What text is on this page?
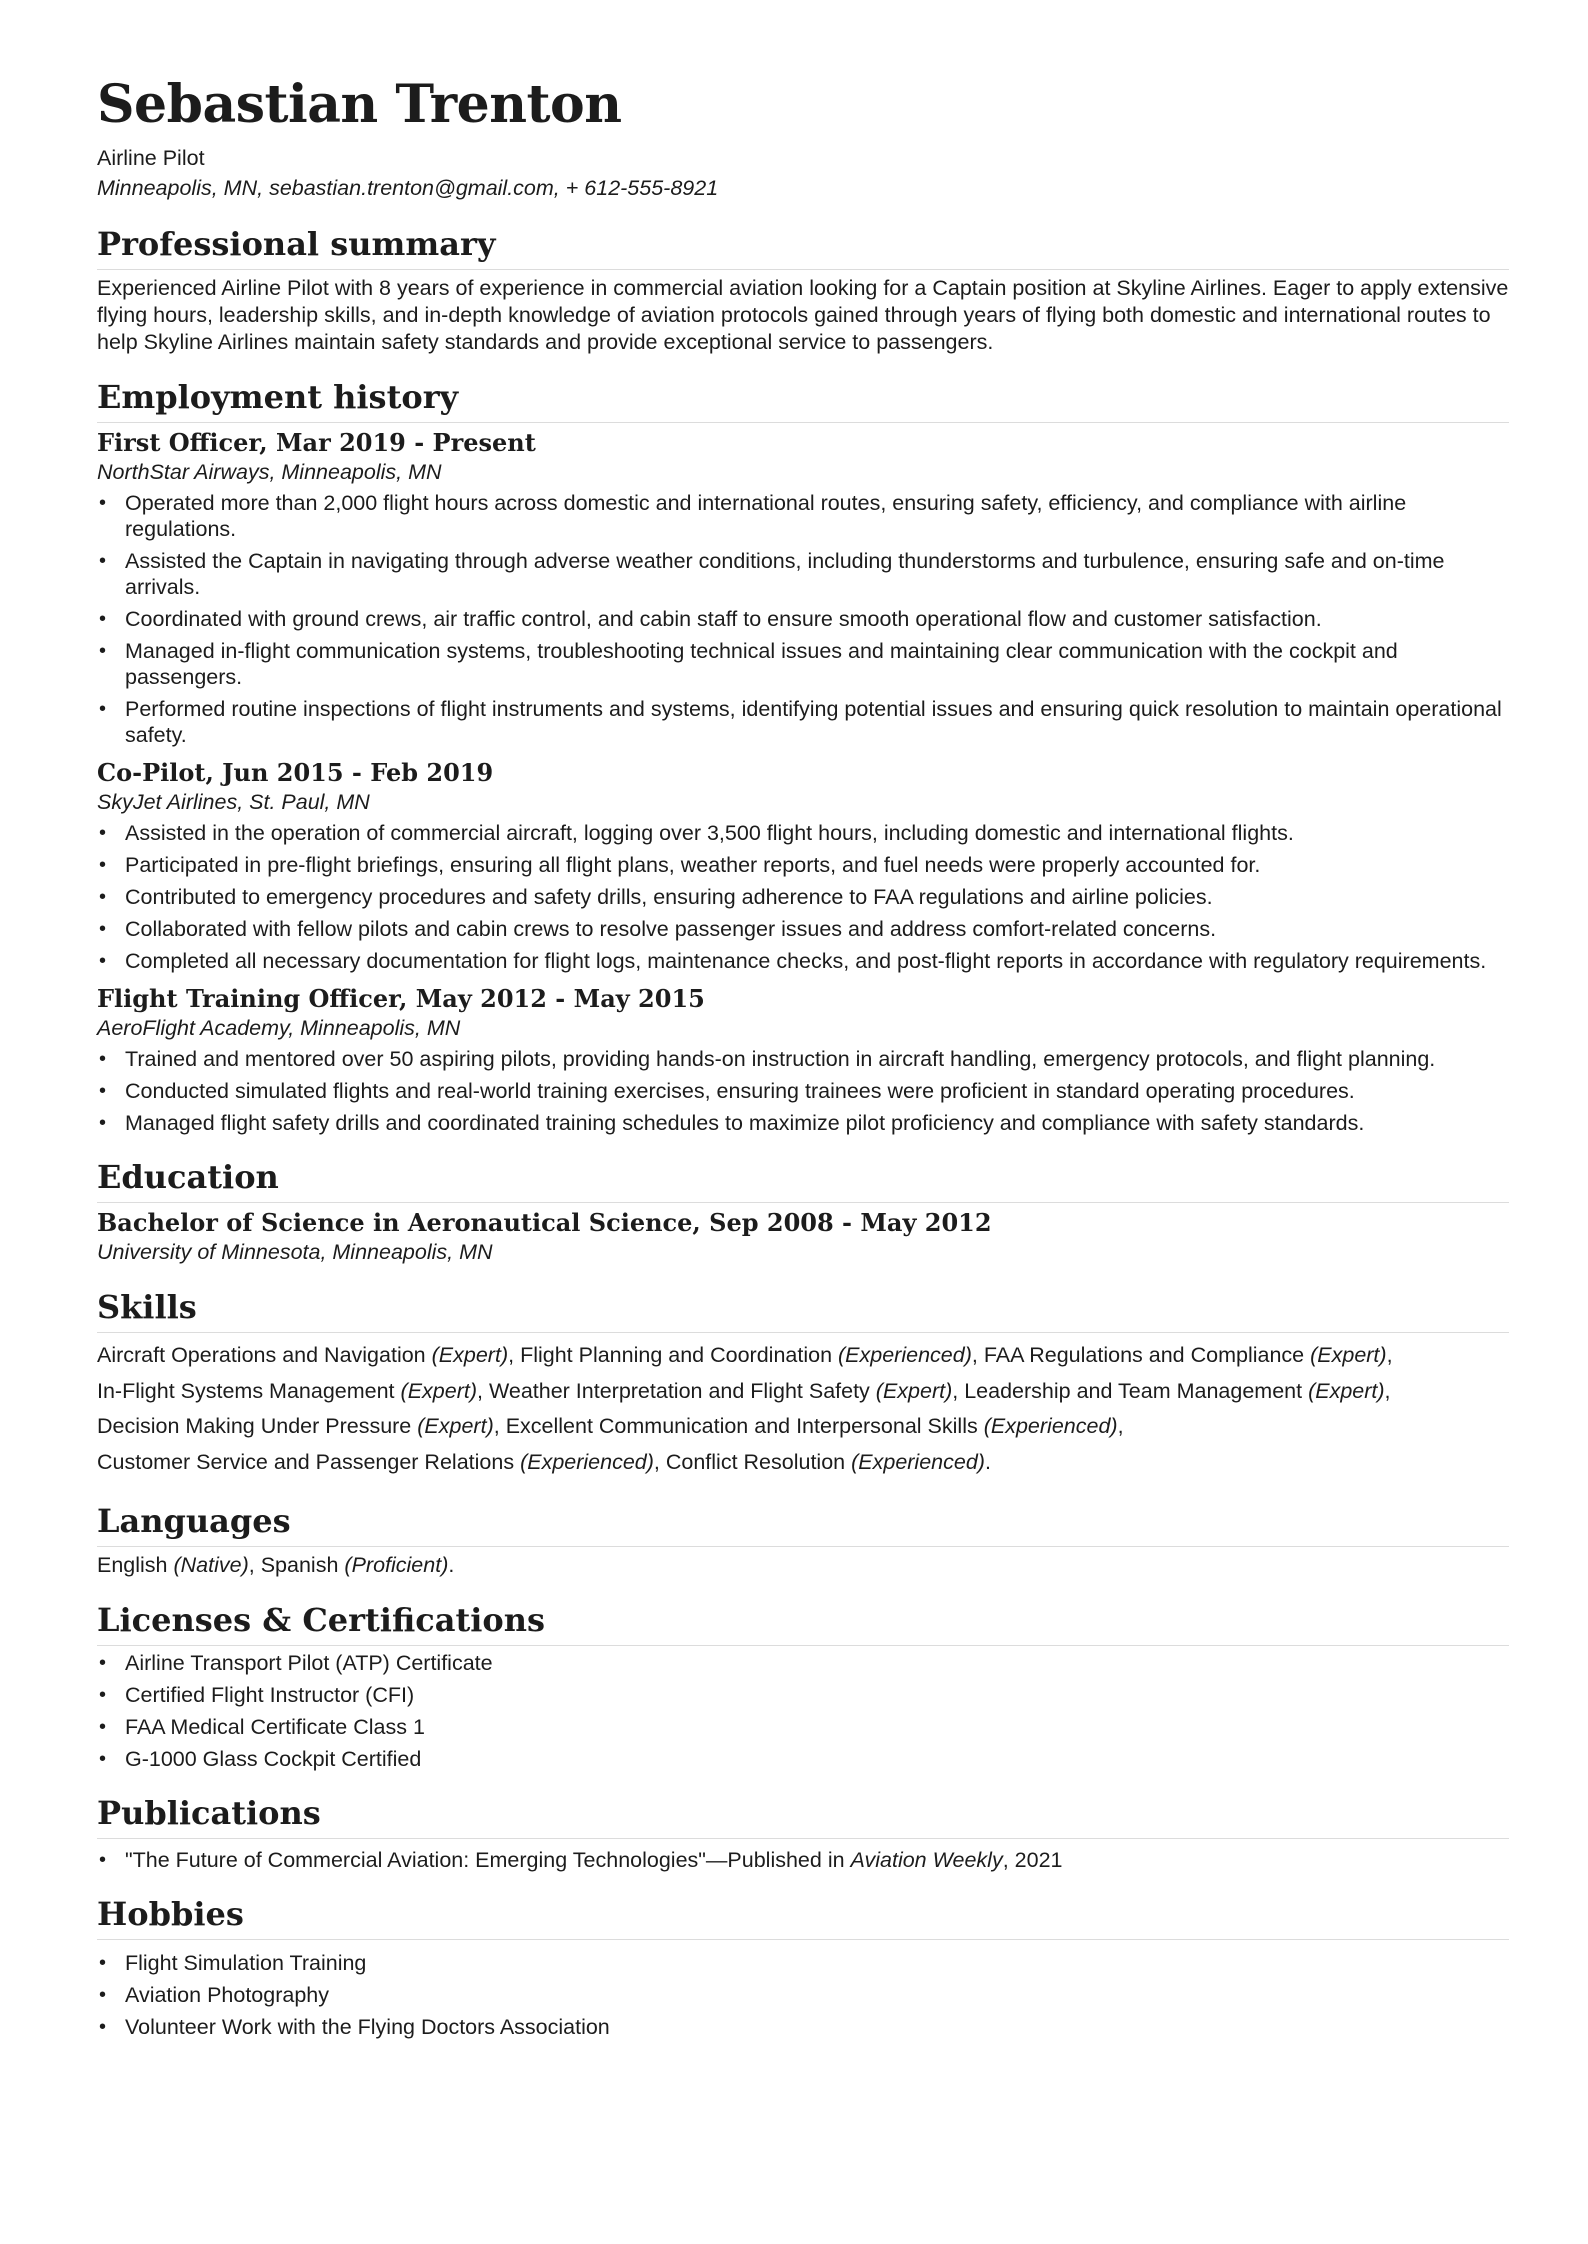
Sebastian Trenton

Airline Pilot

Minneapolis, MN, sebastian.trenton@gmail.com, + 612-555-8921

Professional summary

Experienced Airline Pilot with 8 years of experience in commercial aviation looking for a Captain position at Skyline Airlines. Eager to apply extensive flying hours, leadership skills, and in-depth knowledge of aviation protocols gained through years of flying both domestic and international routes to help Skyline Airlines maintain safety standards and provide exceptional service to passengers.

Employment history

First Officer, Mar 2019 - Present

NorthStar Airways, Minneapolis, MN

• Operated more than 2,000 flight hours across domestic and international routes, ensuring safety, efficiency, and compliance with airline regulations.
• Assisted the Captain in navigating through adverse weather conditions, including thunderstorms and turbulence, ensuring safe and on-time arrivals.
• Coordinated with ground crews, air traffic control, and cabin staff to ensure smooth operational flow and customer satisfaction.
• Managed in-flight communication systems, troubleshooting technical issues and maintaining clear communication with the cockpit and passengers.
• Performed routine inspections of flight instruments and systems, identifying potential issues and ensuring quick resolution to maintain operational safety.

Co-Pilot, Jun 2015 - Feb 2019

SkyJet Airlines, St. Paul, MN

• Assisted in the operation of commercial aircraft, logging over 3,500 flight hours, including domestic and international flights.
• Participated in pre-flight briefings, ensuring all flight plans, weather reports, and fuel needs were properly accounted for.
• Contributed to emergency procedures and safety drills, ensuring adherence to FAA regulations and airline policies.
• Collaborated with fellow pilots and cabin crews to resolve passenger issues and address comfort-related concerns.
• Completed all necessary documentation for flight logs, maintenance checks, and post-flight reports in accordance with regulatory requirements.

Flight Training Officer, May 2012 - May 2015

AeroFlight Academy, Minneapolis, MN

• Trained and mentored over 50 aspiring pilots, providing hands-on instruction in aircraft handling, emergency protocols, and flight planning.
• Conducted simulated flights and real-world training exercises, ensuring trainees were proficient in standard operating procedures.
• Managed flight safety drills and coordinated training schedules to maximize pilot proficiency and compliance with safety standards.
Education

Bachelor of Science in Aeronautical Science, Sep 2008 - May 2012

University of Minnesota, Minneapolis, MN

Skills

Aircraft Operations and Navigation (Expert), Flight Planning and Coordination (Experienced), FAA Regulations and Compliance (Expert),
In-Flight Systems Management (Expert), Weather Interpretation and Flight Safety (Expert), Leadership and Team Management (Expert),
Decision Making Under Pressure (Expert), Excellent Communication and Interpersonal Skills (Experienced),
Customer Service and Passenger Relations (Experienced), Conflict Resolution (Experienced).

Languages

English (Native), Spanish (Proficient).

Licenses & Certifications
• Airline Transport Pilot (ATP) Certificate
• Certified Flight Instructor (CFI)
• FAA Medical Certificate Class 1
• G-1000 Glass Cockpit Certified
Publications
• "The Future of Commercial Aviation: Emerging Technologies"—Published in Aviation Weekly, 2021
Hobbies
• Flight Simulation Training
• Aviation Photography
• Volunteer Work with the Flying Doctors Association
